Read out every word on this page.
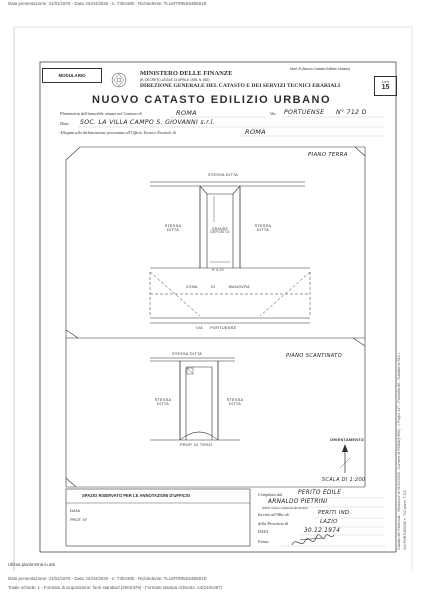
Data presentazione: 31/01/1975 - Data: 01/04/2025 - n. T304485 - Richiedente: TLLMTR85S54B501E
MODULARIO	MINISTERO DELLE FINANZE
(R. DECRETO-LEGGE 13 APRILE 1939, N. 652)
DIREZIONE GENERALE DEL CATASTO E DEI SERVIZI TECNICI ERARIALI
NUOVO CATASTO EDILIZIO URBANO
Mod. B (Nuovo Catasto Edilizio Urbano)
Lire
15
Planimetria dell'immobile situato nel Comune di	ROMA	Via PORTUENSE N° 712 D
Ditta SOC. LA VILLA CAMPO S. GIOVANNI s.r.l.
Allegata alla dichiarazione presentata all'Ufficio Tecnico Erariale di	ROMA
PIANO TERRA
STESSA DITTA
STESSA DITTA	GRANDE DEPOSITO
STESSA DITTA
H 4,10
ZONA DI MANOVRA
VIA PORTUENSE
PIANO SCANTINATO
STESSA DITTA
STESSA DITTA
STESSA DITTA
PROP. DI TERZI
ORIENTAMENTO
SCALA DI 1:200
SPAZIO RISERVATO PER LE ANNOTAZIONI D'UFFICIO
DATA
PROT. N°
Compilata dal	PERITO EDILE
ARNALDO PIETRINI
(Titolo, nome e cognome del tecnico)
Iscritto all'Albo de	PERITI IND.
della Provincia di	LAZIO
DATA	30.12.1974
Firma	Catasto dei Fabbricati - Situazione al 01/04/2025 - Comune di ROMA(H501) - < Foglio 447 - Particella 80 - Subalterno 512 > VIA PORTUENSE n. 712 piano: T-S1;
Ultima planimetria in atti
Data presentazione: 31/01/1975 - Data: 01/04/2025 - n. T304485 - Richiedente: TLLMTR85S54B501E
Totale schede: 1 - Formato di acquisizione: fuori standard (250X378) - Formato stampa richiesto: A4(210x297)
